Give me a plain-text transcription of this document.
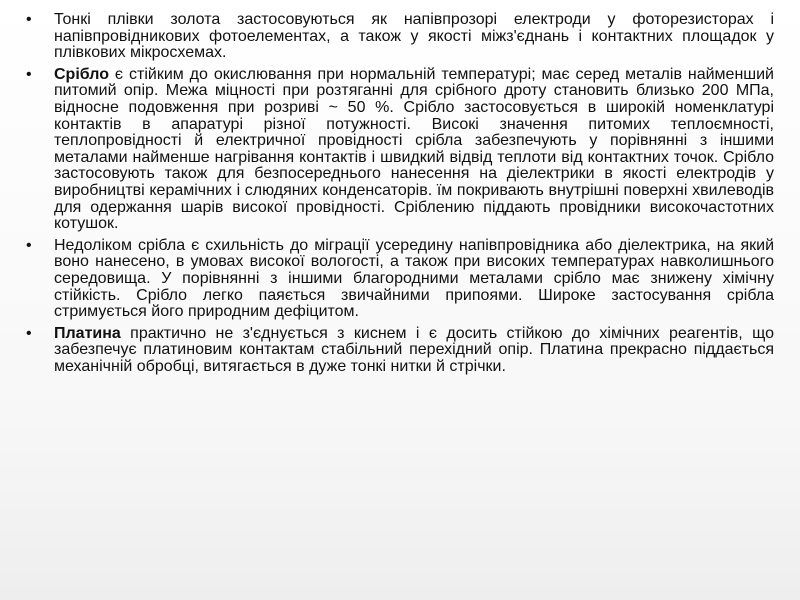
• Тонкі плівки золота застосовуються як напівпрозорі електроди у фоторезисторах і напівпровідникових фотоелементах, а також у якості міжз'єднань і контактних площадок у плівкових мікросхемах.
• Срібло є стійким до окислювання при нормальній температурі; має серед металів найменший питомий опір. Межа міцності при розтяганні для срібного дроту становить близько 200 МПа, відносне подовження при розриві ~ 50 %. Срібло застосовується в широкій номенклатурі контактів в апаратурі різної потужності. Високі значення питомих теплоємності, теплопровідності й електричної провідності срібла забезпечують у порівнянні з іншими металами найменше нагрівання контактів і швидкий відвід теплоти від контактних точок. Срібло застосовують також для безпосереднього нанесення на діелектрики в якості електродів у виробництві керамічних і слюдяних конденсаторів. їм покривають внутрішні поверхні хвилеводів для одержання шарів високої провідності. Сріблению піддають провідники високочастотних котушок.
• Недоліком срібла є схильність до міграції усередину напівпровідника або діелектрика, на який воно нанесено, в умовах високої вологості, а також при високих температурах навколишнього середовища. У порівнянні з іншими благородними металами срібло має знижену хімічну стійкість. Срібло легко паяється звичайними припоями. Широке застосування срібла стримується його природним дефіцитом.
• Платина практично не з'єднується з киснем і є досить стійкою до хімічних реагентів, що забезпечує платиновим контактам стабільний перехідний опір. Платина прекрасно піддається механічній обробці, витягається в дуже тонкі нитки й стрічки.
